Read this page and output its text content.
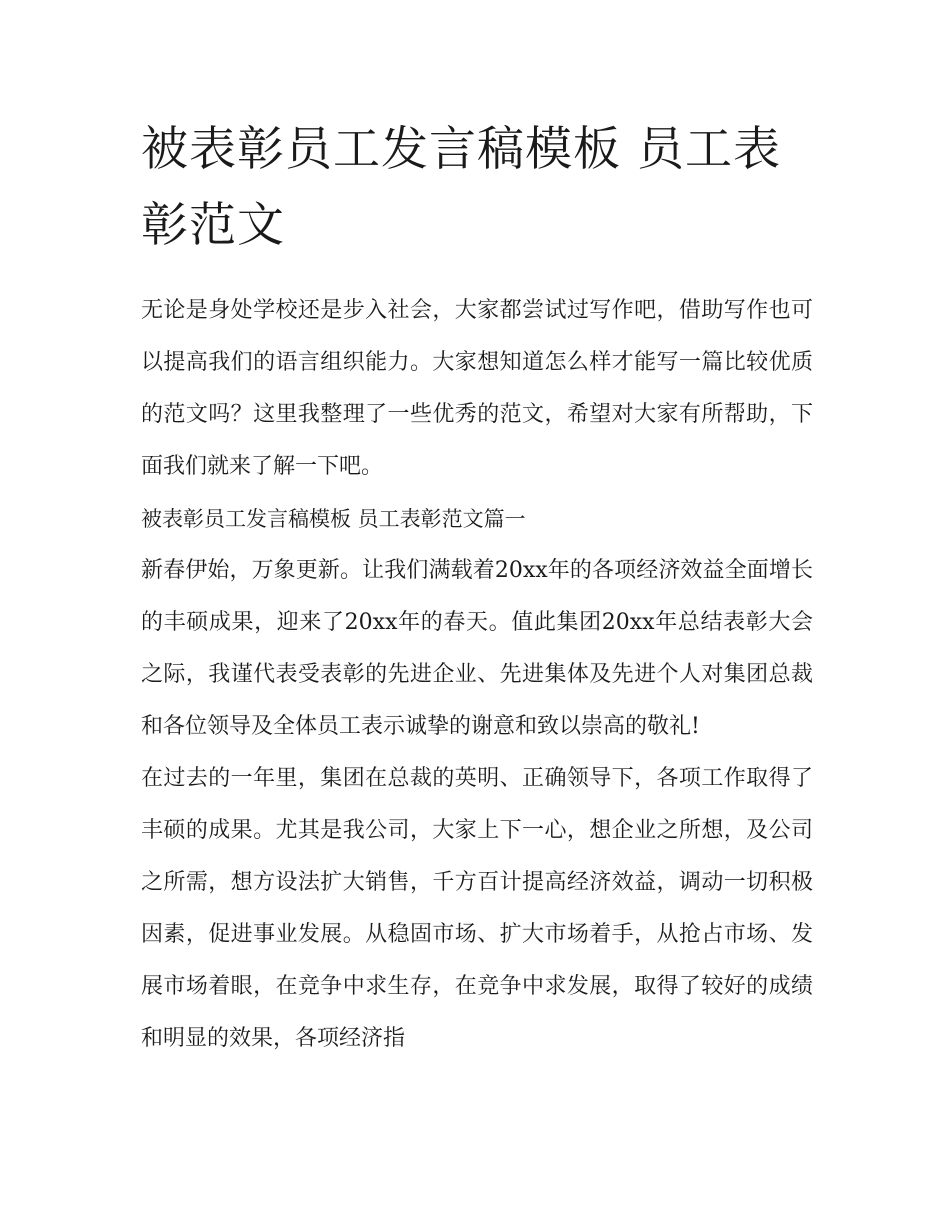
被表彰员工发言稿模板 员工表彰范文

无论是身处学校还是步入社会，大家都尝试过写作吧，借助写作也可以提高我们的语言组织能力。大家想知道怎么样才能写一篇比较优质的范文吗？这里我整理了一些优秀的范文，希望对大家有所帮助，下面我们就来了解一下吧。

被表彰员工发言稿模板 员工表彰范文篇一

新春伊始，万象更新。让我们满载着20xx年的各项经济效益全面增长的丰硕成果，迎来了20xx年的春天。值此集团20xx年总结表彰大会之际，我谨代表受表彰的先进企业、先进集体及先进个人对集团总裁和各位领导及全体员工表示诚挚的谢意和致以崇高的敬礼!

在过去的一年里，集团在总裁的英明、正确领导下，各项工作取得了丰硕的成果。尤其是我公司，大家上下一心，想企业之所想，及公司之所需，想方设法扩大销售，千方百计提高经济效益，调动一切积极因素，促进事业发展。从稳固市场、扩大市场着手，从抢占市场、发展市场着眼，在竞争中求生存，在竞争中求发展，取得了较好的成绩和明显的效果，各项经济指
